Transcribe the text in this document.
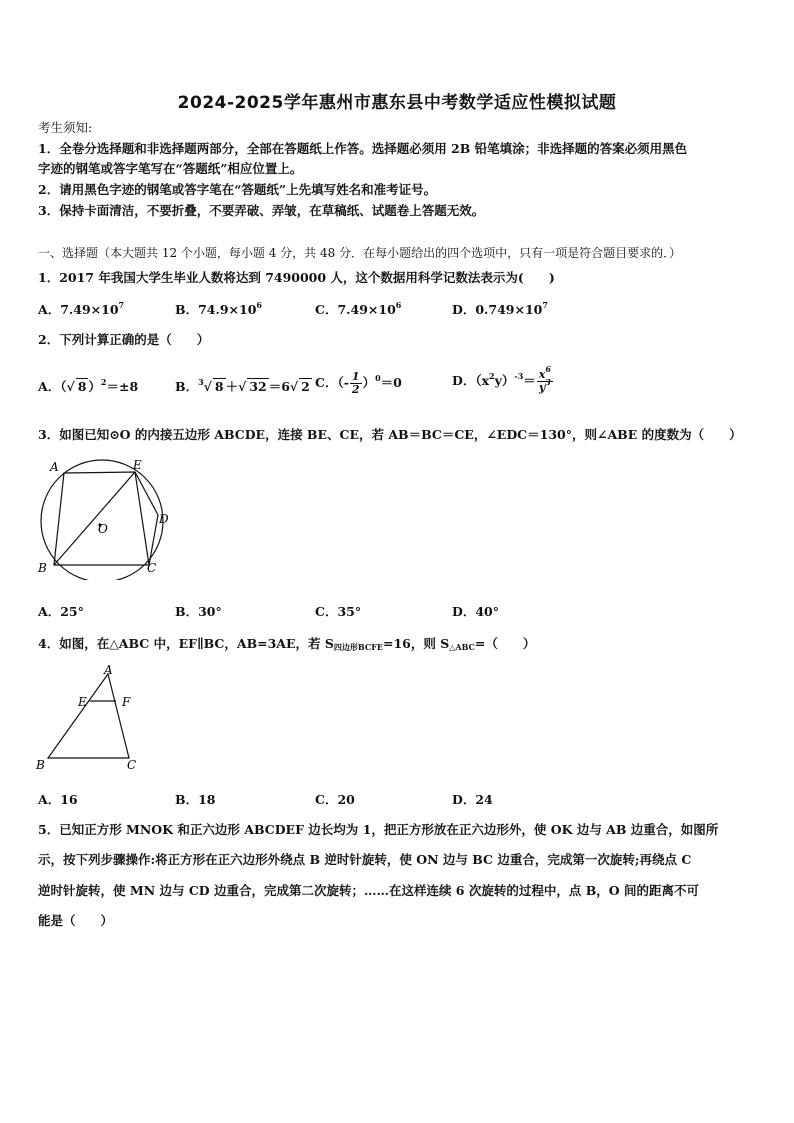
2024-2025学年惠州市惠东县中考数学适应性模拟试题
考生须知:
1．全卷分选择题和非选择题两部分，全部在答题纸上作答。选择题必须用 2B 铅笔填涂；非选择题的答案必须用黑色
字迹的钢笔或答字笔写在“答题纸”相应位置上。
2．请用黑色字迹的钢笔或答字笔在“答题纸”上先填写姓名和准考证号。
3．保持卡面清洁，不要折叠，不要弄破、弄皱，在草稿纸、试题卷上答题无效。
一、选择题（本大题共 12 个小题，每小题 4 分，共 48 分．在每小题给出的四个选项中，只有一项是符合题目要求的．）
1．2017 年我国大学生毕业人数将达到 7490000 人，这个数据用科学记数法表示为(　　)
A．$7.49\times 10^7$	B．$74.9\times 10^6$	C．$7.49\times 10^6$	D．$0.749\times 10^7$
2．下列计算正确的是（　　）
A．（√ 8 ）$^2$＝±8	B．$^3$√ 8 ＋√ 32 ＝6√ 2 C．（- $\frac{1}{2} )^0=0$	D．$(x^2y)^{-3}= \frac{x^6}{y^3}$
3．如图已知⊙O 的内接五边形 ABCDE，连接 BE、CE，若 AB＝BC＝CE，∠EDC＝130°，则∠ABE 的度数为（　　）
A	E
D
O
B	C
A．25°	B．30°	C．35°	D．40°
4．如图，在△ABC 中，EF∥BC，AB=3AE，若 $S_{四边形BCFE}=16$，则 $S_{\triangle ABC}=$（　　）
A
E	F
B	C
A．16	B．18	C．20	D．24
5．已知正方形 MNOK 和正六边形 ABCDEF 边长均为 1，把正方形放在正六边形外，使 OK 边与 AB 边重合，如图所
示，按下列步骤操作:将正方形在正六边形外绕点 B 逆时针旋转，使 ON 边与 BC 边重合，完成第一次旋转;再绕点 C
逆时针旋转，使 MN 边与 CD 边重合，完成第二次旋转；……在这样连续 6 次旋转的过程中，点 B，O 间的距离不可
能是（　　）
